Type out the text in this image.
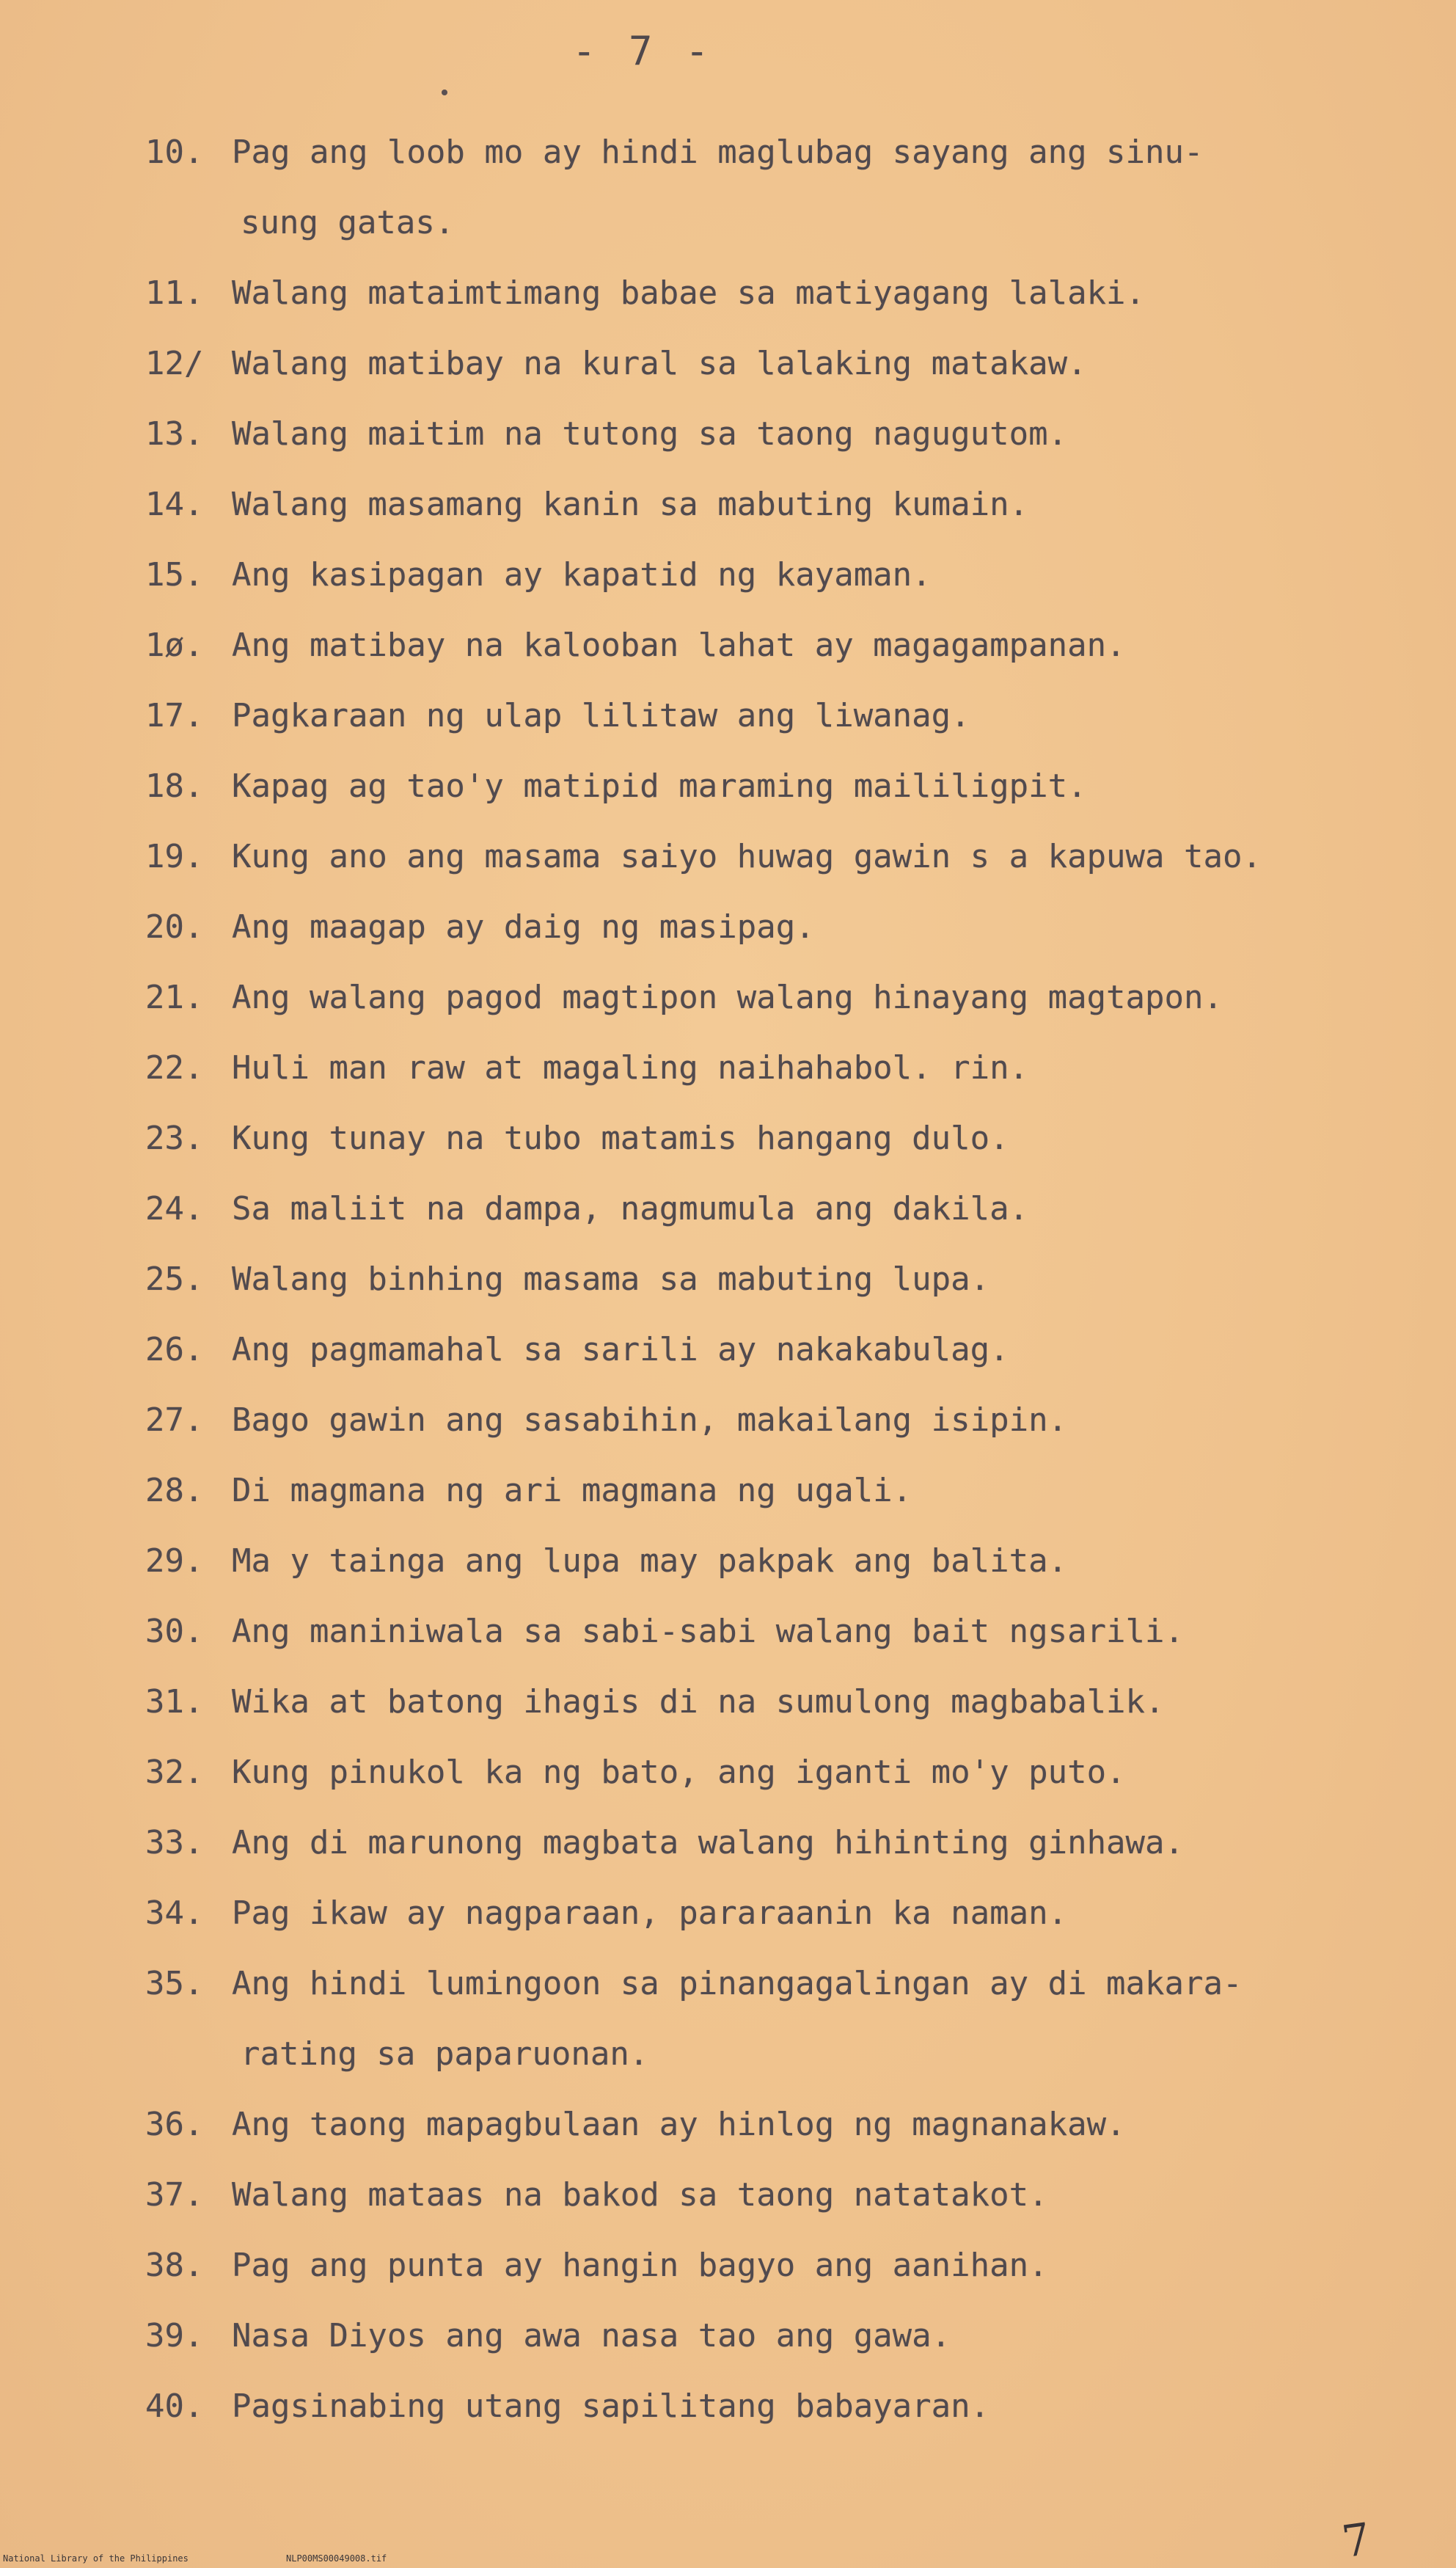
- 7 -
10. Pag ang loob mo ay hindi maglubag sayang ang sinu-
sung gatas.
11. Walang mataimtimang babae sa matiyagang lalaki.
12/ Walang matibay na kural sa lalaking matakaw.
13. Walang maitim na tutong sa taong nagugutom.
14. Walang masamang kanin sa mabuting kumain.
15. Ang kasipagan ay kapatid ng kayaman.
1ø. Ang matibay na kalooban lahat ay magagampanan.
17. Pagkaraan ng ulap lilitaw ang liwanag.
18. Kapag ag tao'y matipid maraming maililigpit.
19. Kung ano ang masama saiyo huwag gawin s a kapuwa tao.
20. Ang maagap ay daig ng masipag.
21. Ang walang pagod magtipon walang hinayang magtapon.
22. Huli man raw at magaling naihahabol. rin.
23. Kung tunay na tubo matamis hangang dulo.
24. Sa maliit na dampa, nagmumula ang dakila.
25. Walang binhing masama sa mabuting lupa.
26. Ang pagmamahal sa sarili ay nakakabulag.
27. Bago gawin ang sasabihin, makailang isipin.
28. Di magmana ng ari magmana ng ugali.
29. Ma y tainga ang lupa may pakpak ang balita.
30. Ang maniniwala sa sabi-sabi walang bait ngsarili.
31. Wika at batong ihagis di na sumulong magbabalik.
32. Kung pinukol ka ng bato, ang iganti mo'y puto.
33. Ang di marunong magbata walang hihinting ginhawa.
34. Pag ikaw ay nagparaan, pararaanin ka naman.
35. Ang hindi lumingoon sa pinangagalingan ay di makara-
rating sa paparuonan.
36. Ang taong mapagbulaan ay hinlog ng magnanakaw.
37. Walang mataas na bakod sa taong natatakot.
38. Pag ang punta ay hangin bagyo ang aanihan.
39. Nasa Diyos ang awa nasa tao ang gawa.
40. Pagsinabing utang sapilitang babayaran.
National Library of the Philippines	NLP00MS00049008.tif	7
